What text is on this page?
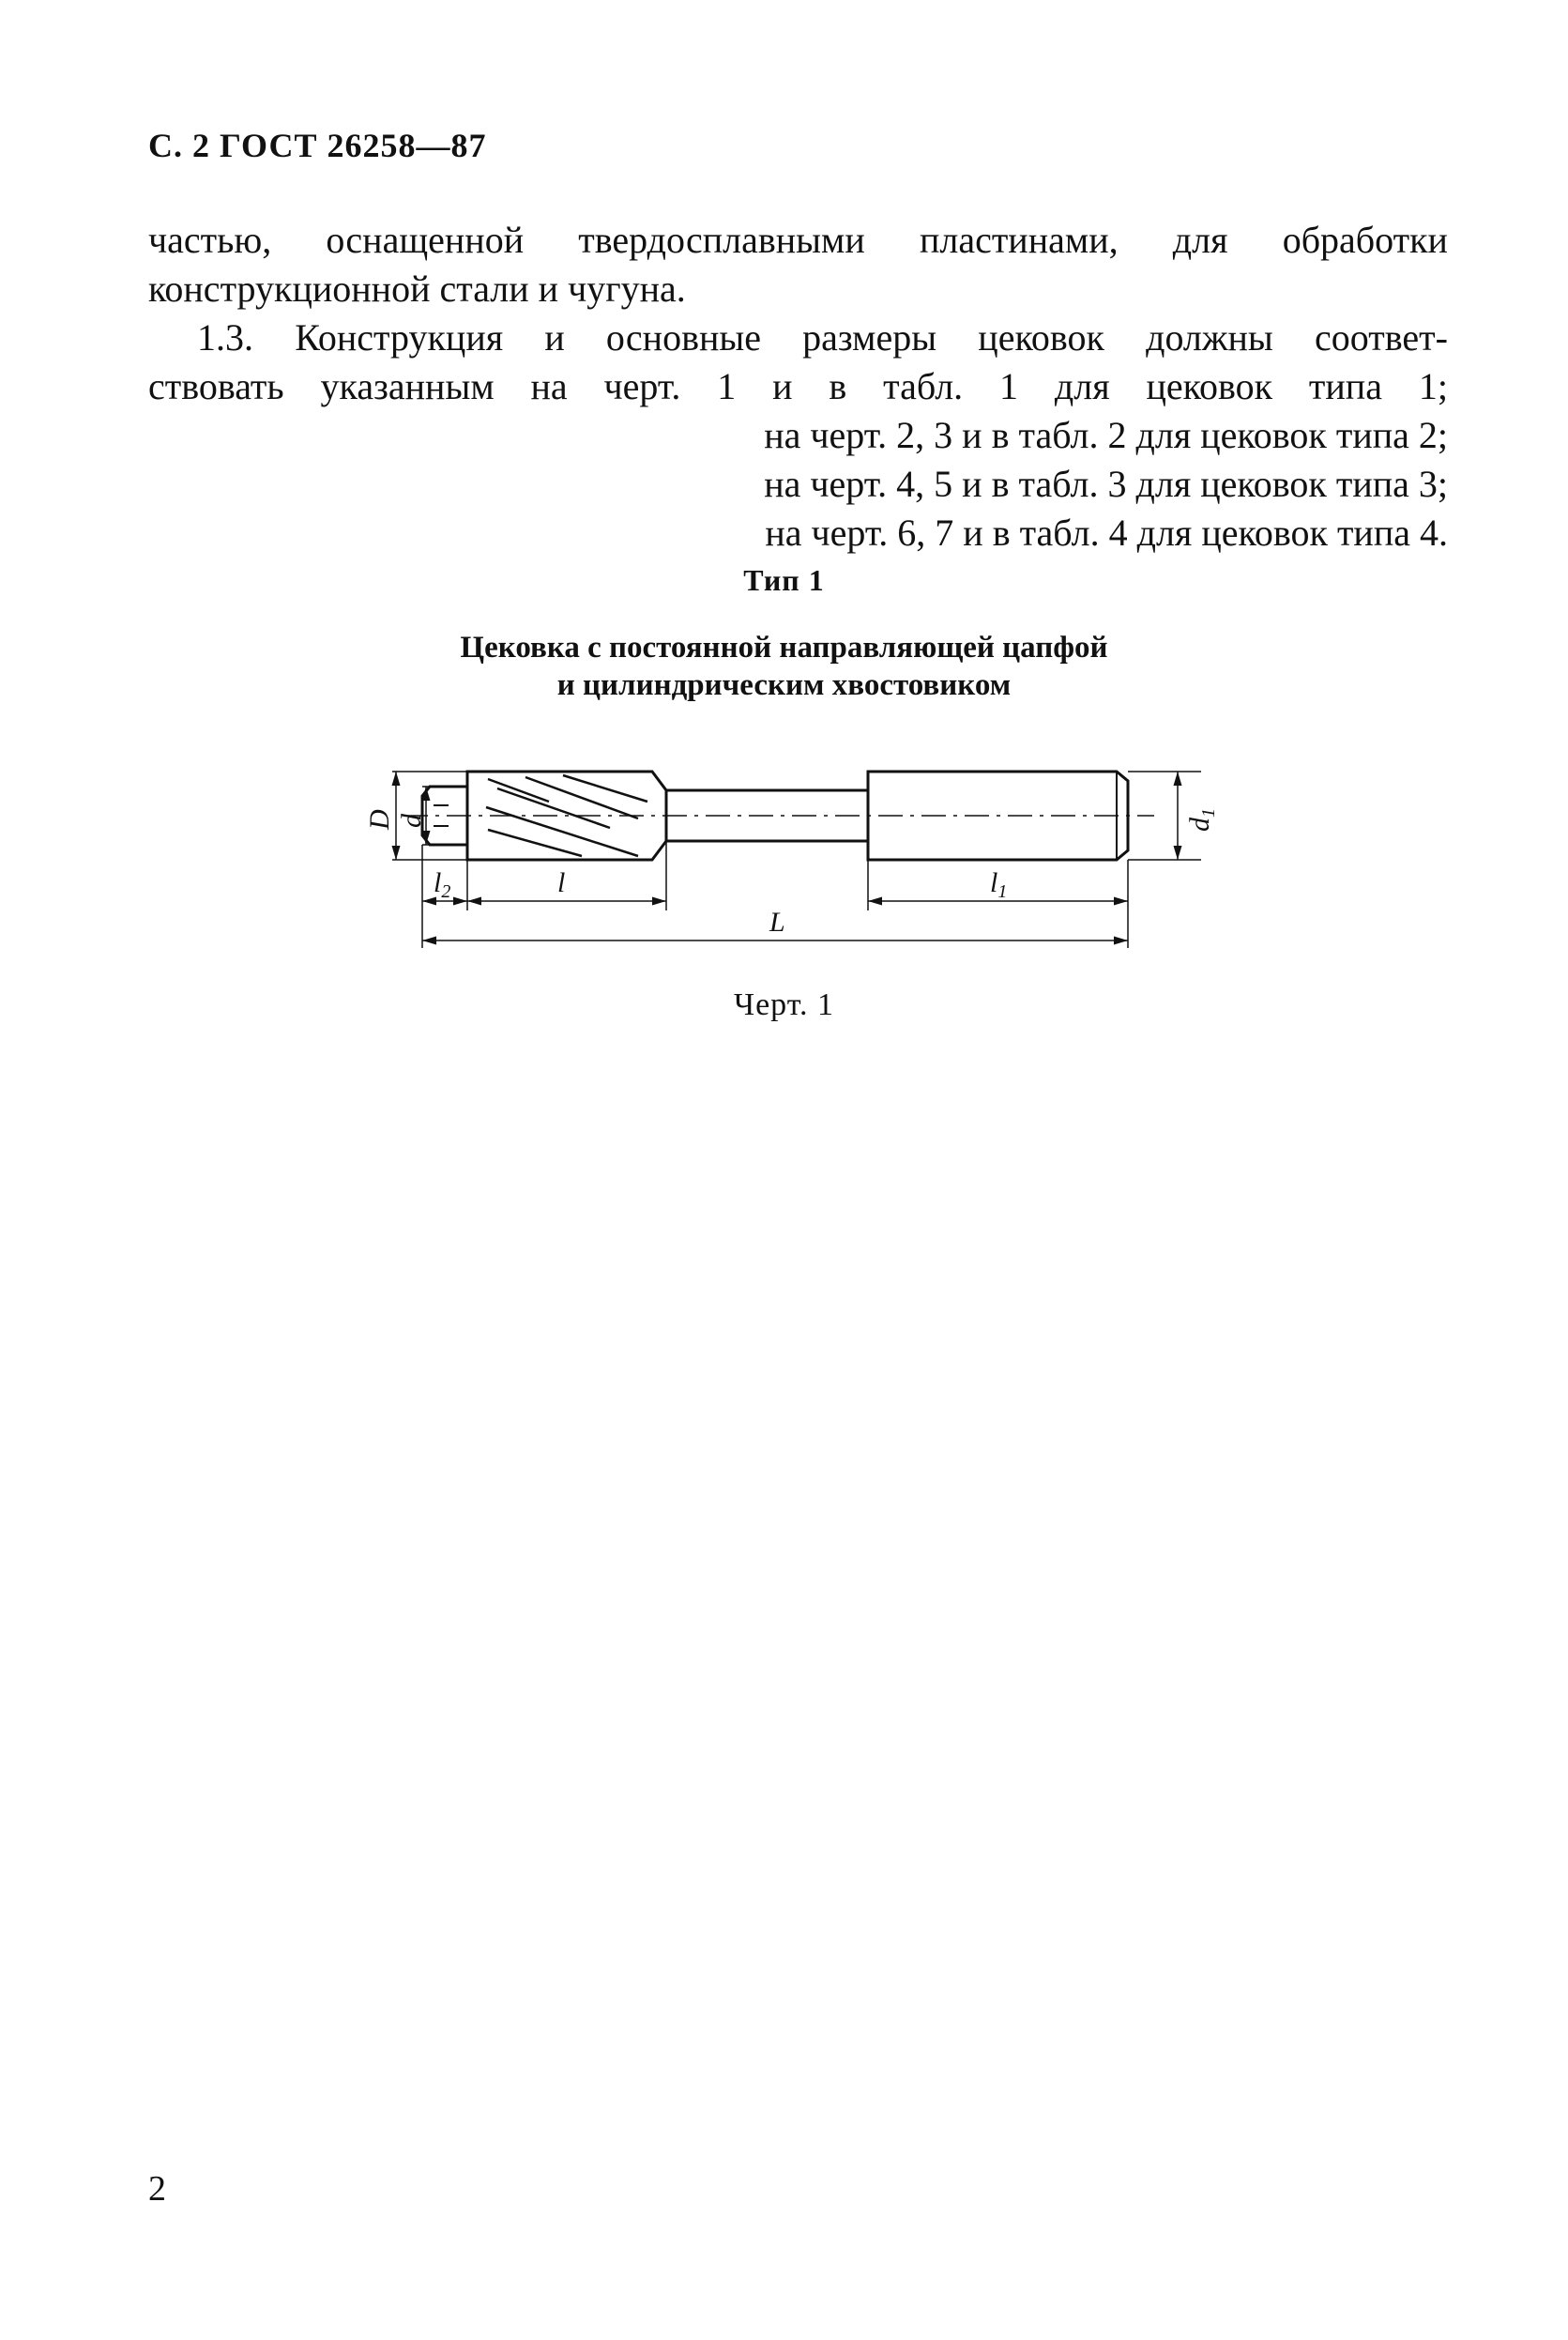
С. 2 ГОСТ 26258—87
частью, оснащенной твердосплавными пластинами, для обработки
конструкционной стали и чугуна.
1.3. Конструкция и основные размеры цековок должны соответ-
ствовать указанным на черт. 1 и в табл. 1 для цековок типа 1;
на черт. 2, 3 и в табл. 2 для цековок типа 2;
на черт. 4, 5 и в табл. 3 для цековок типа 3;
на черт. 6, 7 и в табл. 4 для цековок типа 4.
Тип 1
Цековка с постоянной направляющей цапфой
и цилиндрическим хвостовиком
D d	$d_1$
$l_2$	l	$l_1$
L
Черт. 1
2
